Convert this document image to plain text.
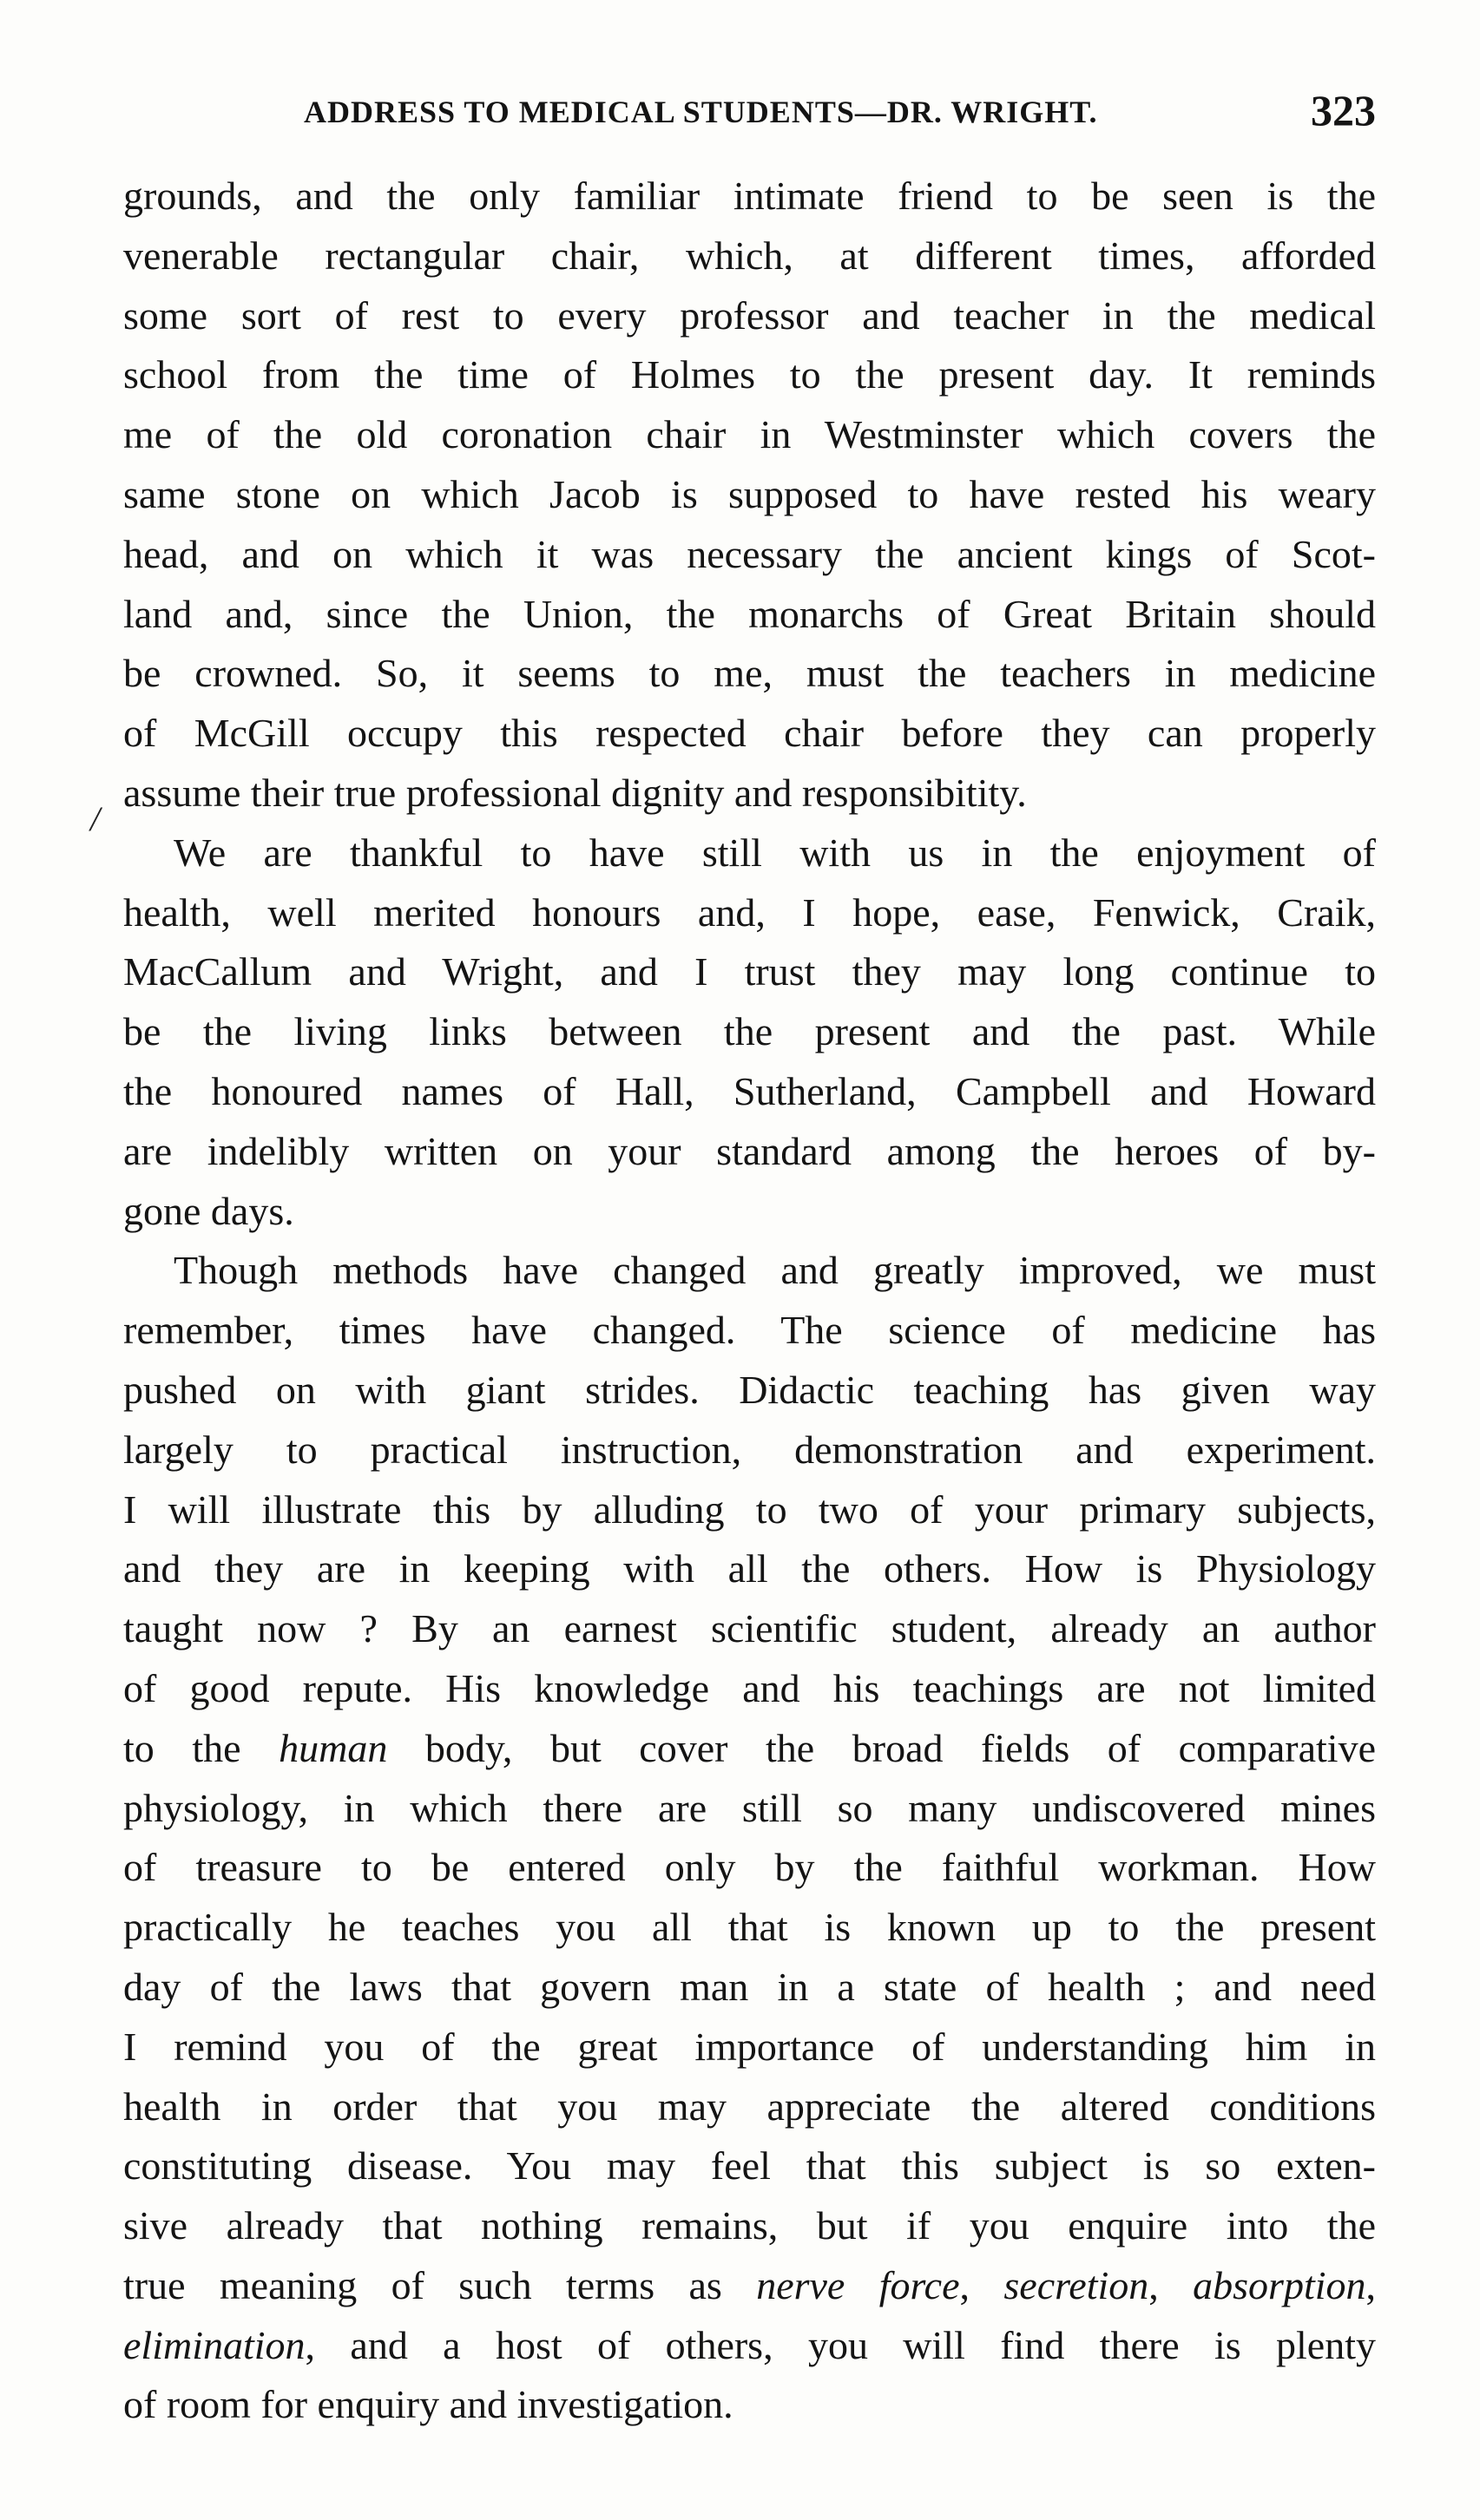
ADDRESS TO MEDICAL STUDENTS—DR. WRIGHT.	323
/
grounds, and the only familiar intimate friend to be seen is the
venerable rectangular chair, which, at different times, afforded
some sort of rest to every professor and teacher in the medical
school from the time of Holmes to the present day. It reminds
me of the old coronation chair in Westminster which covers the
same stone on which Jacob is supposed to have rested his weary
head, and on which it was necessary the ancient kings of Scot-
land and, since the Union, the monarchs of Great Britain should
be crowned. So, it seems to me, must the teachers in medicine
of McGill occupy this respected chair before they can properly
assume their true professional dignity and responsibitity.
We are thankful to have still with us in the enjoyment of
health, well merited honours and, I hope, ease, Fenwick, Craik,
MacCallum and Wright, and I trust they may long continue to
be the living links between the present and the past. While
the honoured names of Hall, Sutherland, Campbell and Howard
are indelibly written on your standard among the heroes of by-
gone days.
Though methods have changed and greatly improved, we must
remember, times have changed. The science of medicine has
pushed on with giant strides. Didactic teaching has given way
largely to practical instruction, demonstration and experiment.
I will illustrate this by alluding to two of your primary subjects,
and they are in keeping with all the others. How is Physiology
taught now ? By an earnest scientific student, already an author
of good repute. His knowledge and his teachings are not limited
to the human body, but cover the broad fields of comparative
physiology, in which there are still so many undiscovered mines
of treasure to be entered only by the faithful workman. How
practically he teaches you all that is known up to the present
day of the laws that govern man in a state of health ; and need
I remind you of the great importance of understanding him in
health in order that you may appreciate the altered conditions
constituting disease. You may feel that this subject is so exten-
sive already that nothing remains, but if you enquire into the
true meaning of such terms as nerve force, secretion, absorption,
elimination, and a host of others, you will find there is plenty
of room for enquiry and investigation.
